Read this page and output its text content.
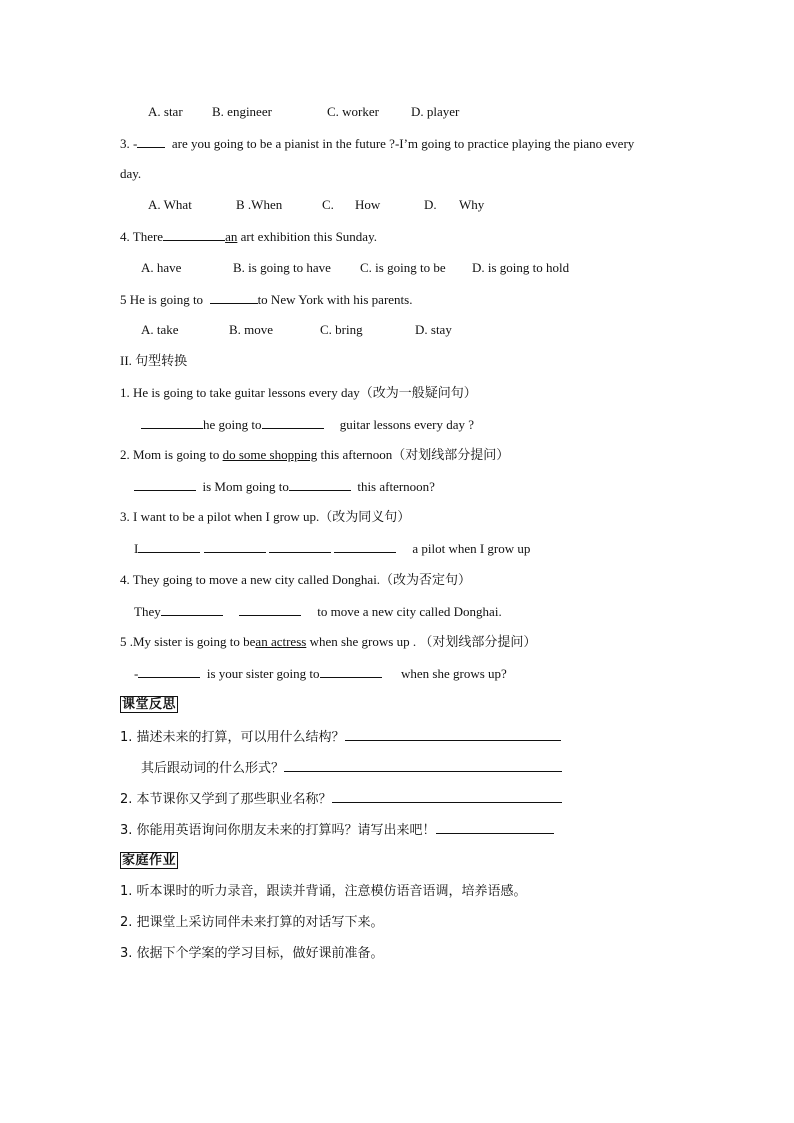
A. star B. engineer	C. worker D. player
3. -	are you going to be a pianist in the future ?-I’m going to practice playing the piano every
day.
A. What	B .When	C. How	D. Why
4. There	an art exhibition this Sunday.
A. have	B. is going to have C. is going to be D. is going to hold
5 He is going to	to New York with his parents.
A. take	B. move	C. bring	D. stay
II. 句型转换
1. He is going to take guitar lessons every day（改为一般疑问句）
he going to	guitar lessons every day ?
2. Mom is going to do some shopping this afternoon（对划线部分提问）
is Mom going to	this afternoon?
3. I want to be a pilot when I grow up.（改为同义句）
I	a pilot when I grow up
4. They going to move a new city called Donghai.（改为否定句）
They	to move a new city called Donghai.
5 .My sister is going to bean actress when she grows up . （对划线部分提问）
-	is your sister going to	when she grows up?
课堂反思
1. 描述未来的打算，可以用什么结构？
其后跟动词的什么形式？
2. 本节课你又学到了那些职业名称？
3. 你能用英语询问你朋友未来的打算吗？请写出来吧！
家庭作业
1. 听本课时的听力录音，跟读并背诵，注意模仿语音语调，培养语感。
2. 把课堂上采访同伴未来打算的对话写下来。
3. 依据下个学案的学习目标，做好课前准备。
